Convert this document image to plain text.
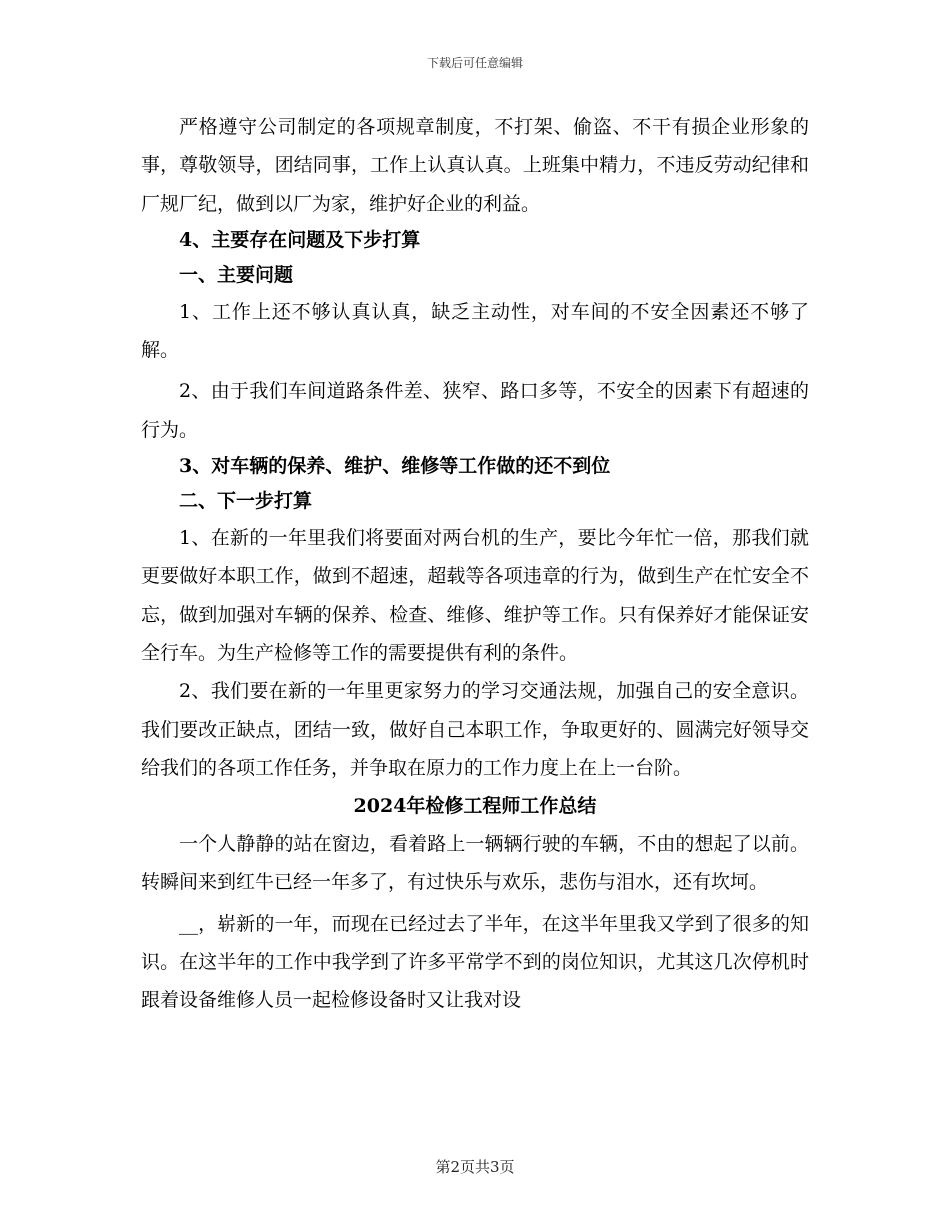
下载后可任意编辑

严格遵守公司制定的各项规章制度，不打架、偷盗、不干有损企业形象的事，尊敬领导，团结同事，工作上认真认真。上班集中精力，不违反劳动纪律和厂规厂纪，做到以厂为家，维护好企业的利益。

4、主要存在问题及下步打算

一、主要问题

1、工作上还不够认真认真，缺乏主动性，对车间的不安全因素还不够了解。

2、由于我们车间道路条件差、狭窄、路口多等，不安全的因素下有超速的行为。

3、对车辆的保养、维护、维修等工作做的还不到位

二、下一步打算

1、在新的一年里我们将要面对两台机的生产，要比今年忙一倍，那我们就更要做好本职工作，做到不超速，超载等各项违章的行为，做到生产在忙安全不忘，做到加强对车辆的保养、检查、维修、维护等工作。只有保养好才能保证安全行车。为生产检修等工作的需要提供有利的条件。

2、我们要在新的一年里更家努力的学习交通法规，加强自己的安全意识。我们要改正缺点，团结一致，做好自己本职工作，争取更好的、圆满完好领导交给我们的各项工作任务，并争取在原力的工作力度上在上一台阶。

2024年检修工程师工作总结

一个人静静的站在窗边，看着路上一辆辆行驶的车辆，不由的想起了以前。转瞬间来到红牛已经一年多了，有过快乐与欢乐，悲伤与泪水，还有坎坷。

__，崭新的一年，而现在已经过去了半年，在这半年里我又学到了很多的知识。在这半年的工作中我学到了许多平常学不到的岗位知识，尤其这几次停机时跟着设备维修人员一起检修设备时又让我对设

第2页共3页
